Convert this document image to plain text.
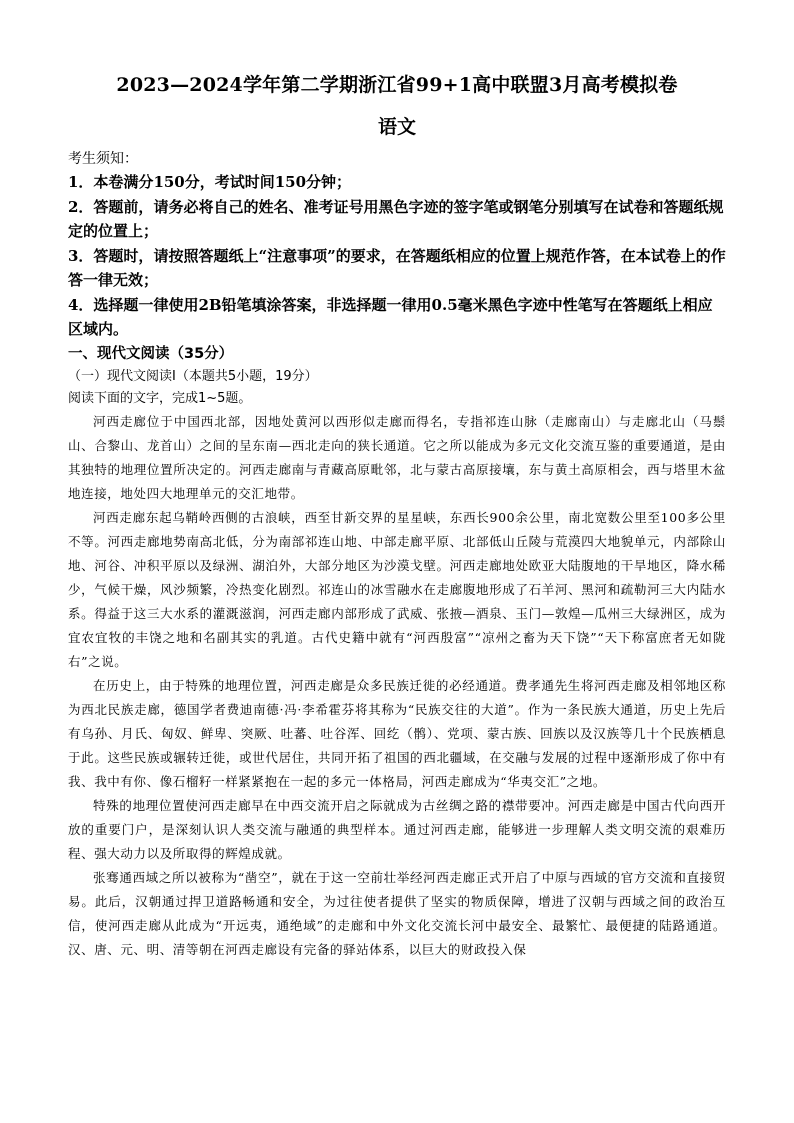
2023—2024学年第二学期浙江省99+1高中联盟3月高考模拟卷
语文
考生须知：
1．本卷满分150分，考试时间150分钟；
2．答题前，请务必将自己的姓名、准考证号用黑色字迹的签字笔或钢笔分别填写在试卷和答题纸规定的位置上；
3．答题时，请按照答题纸上“注意事项”的要求，在答题纸相应的位置上规范作答，在本试卷上的作答一律无效；
4．选择题一律使用2B铅笔填涂答案，非选择题一律用0.5毫米黑色字迹中性笔写在答题纸上相应区域内。
一、现代文阅读（35分）
（一）现代文阅读Ⅰ（本题共5小题，19分）
阅读下面的文字，完成1~5题。

河西走廊位于中国西北部，因地处黄河以西形似走廊而得名，专指祁连山脉（走廊南山）与走廊北山（马鬃山、合黎山、龙首山）之间的呈东南—西北走向的狭长通道。它之所以能成为多元文化交流互鉴的重要通道，是由其独特的地理位置所决定的。河西走廊南与青藏高原毗邻，北与蒙古高原接壤，东与黄土高原相会，西与塔里木盆地连接，地处四大地理单元的交汇地带。

河西走廊东起乌鞘岭西侧的古浪峡，西至甘新交界的星星峡，东西长900余公里，南北宽数公里至100多公里不等。河西走廊地势南高北低，分为南部祁连山地、中部走廊平原、北部低山丘陵与荒漠四大地貌单元，内部除山地、河谷、冲积平原以及绿洲、湖泊外，大部分地区为沙漠戈壁。河西走廊地处欧亚大陆腹地的干旱地区，降水稀少，气候干燥，风沙频繁，冷热变化剧烈。祁连山的冰雪融水在走廊腹地形成了石羊河、黑河和疏勒河三大内陆水系。得益于这三大水系的灌溉滋润，河西走廊内部形成了武威、张掖—酒泉、玉门—敦煌—瓜州三大绿洲区，成为宜农宜牧的丰饶之地和名副其实的乳道。古代史籍中就有“河西殷富”“凉州之畜为天下饶”“天下称富庶者无如陇右”之说。

在历史上，由于特殊的地理位置，河西走廊是众多民族迁徙的必经通道。费孝通先生将河西走廊及相邻地区称为西北民族走廊，德国学者费迪南德·冯·李希霍芬将其称为“民族交往的大道”。作为一条民族大通道，历史上先后有乌孙、月氏、匈奴、鲜卑、突厥、吐蕃、吐谷浑、回纥（鹘）、党项、蒙古族、回族以及汉族等几十个民族栖息于此。这些民族或辗转迁徙，或世代居住，共同开拓了祖国的西北疆域，在交融与发展的过程中逐渐形成了你中有我、我中有你、像石榴籽一样紧紧抱在一起的多元一体格局，河西走廊成为“华夷交汇”之地。

特殊的地理位置使河西走廊早在中西交流开启之际就成为古丝绸之路的襟带要冲。河西走廊是中国古代向西开放的重要门户，是深刻认识人类交流与融通的典型样本。通过河西走廊，能够进一步理解人类文明交流的艰难历程、强大动力以及所取得的辉煌成就。

张骞通西域之所以被称为“凿空”，就在于这一空前壮举经河西走廊正式开启了中原与西域的官方交流和直接贸易。此后，汉朝通过捍卫道路畅通和安全，为过往使者提供了坚实的物质保障，增进了汉朝与西域之间的政治互信，使河西走廊从此成为“开远夷，通绝域”的走廊和中外文化交流长河中最安全、最繁忙、最便捷的陆路通道。汉、唐、元、明、清等朝在河西走廊设有完备的驿站体系，以巨大的财政投入保
